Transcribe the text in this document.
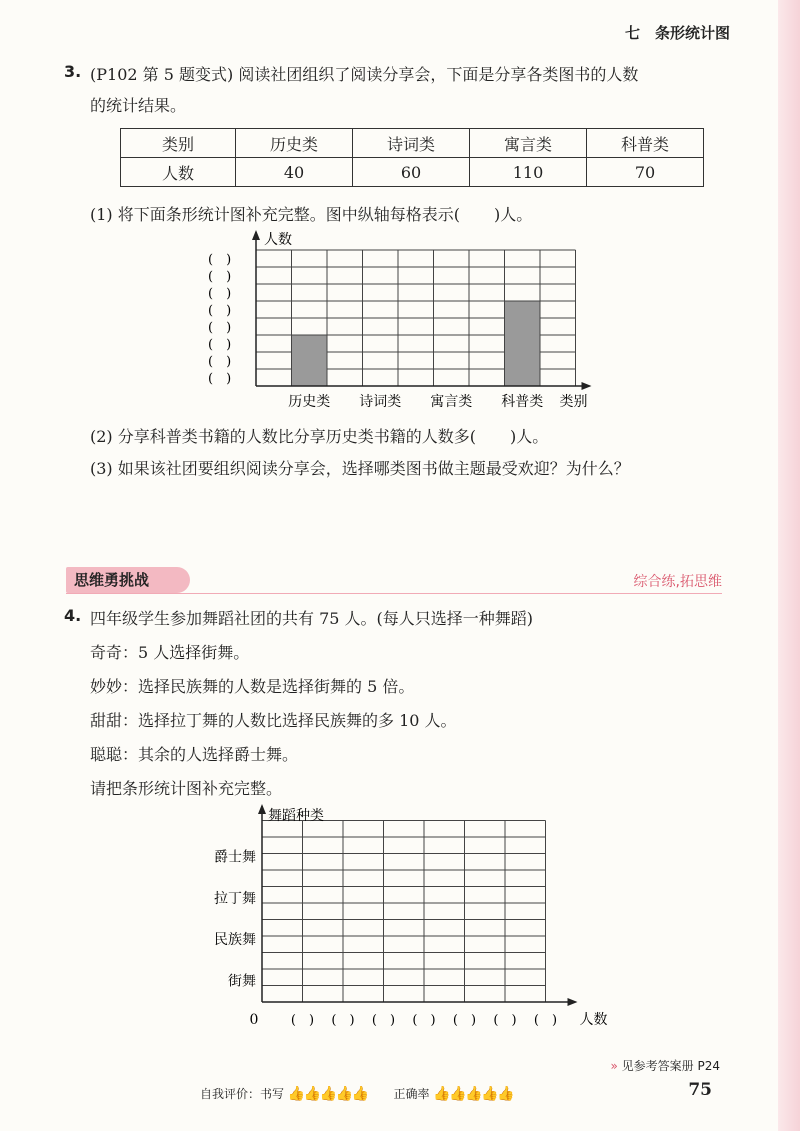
七　条形统计图
3. (P102 第 5 题变式) 阅读社团组织了阅读分享会，下面是分享各类图书的人数
的统计结果。
类别	历史类	诗词类	寓言类	科普类
人数	40	60	110	70
(1) 将下面条形统计图补充完整。图中纵轴每格表示( )人。
历史类 诗词类 寓言类 科普类
人数
类别
(　)
(　)
(　)
(　)
(　)
(　)
(　)
(　)
(2) 分享科普类书籍的人数比分享历史类书籍的人数多( )人。
(3) 如果该社团要组织阅读分享会，选择哪类图书做主题最受欢迎？为什么？
思维勇挑战	综合练,拓思维
4. 四年级学生参加舞蹈社团的共有 75 人。(每人只选择一种舞蹈)
奇奇：5 人选择街舞。
妙妙：选择民族舞的人数是选择街舞的 5 倍。
甜甜：选择拉丁舞的人数比选择民族舞的多 10 人。
聪聪：其余的人选择爵士舞。
请把条形统计图补充完整。
舞蹈种类
爵士舞
拉丁舞
民族舞
街舞
0 (　) (　) (　) (　) (　) (　) (　) 人数
» 见参考答案册 P24
自我评价：书写 👍👍👍👍👍 正确率 👍👍👍👍👍	75
